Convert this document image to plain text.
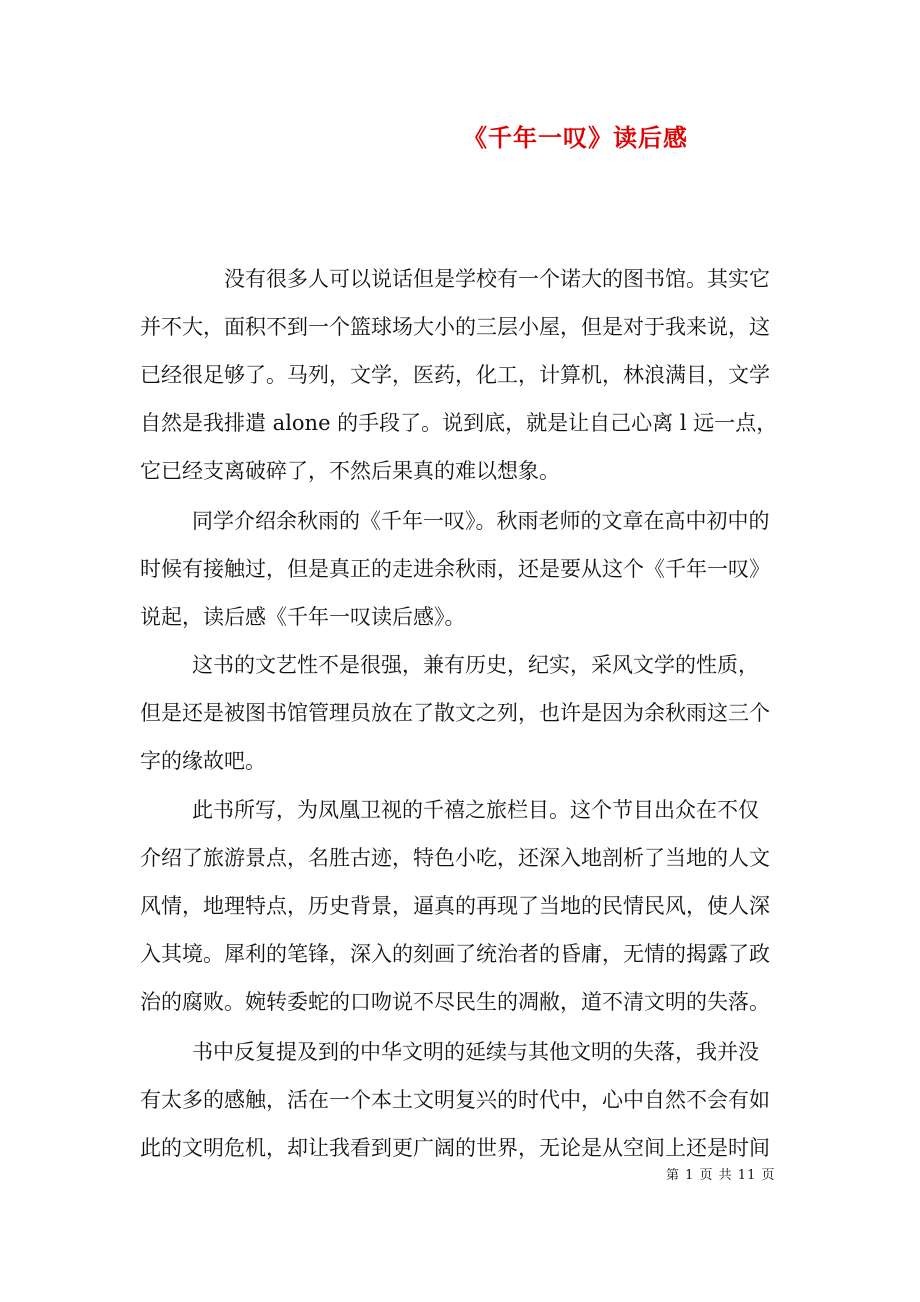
《千年一叹》读后感
没有很多人可以说话但是学校有一个诺大的图书馆。其实它
并不大，面积不到一个篮球场大小的三层小屋，但是对于我来说，这
已经很足够了。马列，文学，医药，化工，计算机，林浪满目，文学
自然是我排遣 alone 的手段了。说到底，就是让自己心离 l 远一点，
它已经支离破碎了，不然后果真的难以想象。
同学介绍余秋雨的《千年一叹》。秋雨老师的文章在高中初中的
时候有接触过，但是真正的走进余秋雨，还是要从这个《千年一叹》
说起，读后感《千年一叹读后感》。
这书的文艺性不是很强，兼有历史，纪实，采风文学的性质，
但是还是被图书馆管理员放在了散文之列，也许是因为余秋雨这三个
字的缘故吧。
此书所写，为凤凰卫视的千禧之旅栏目。这个节目出众在不仅
介绍了旅游景点，名胜古迹，特色小吃，还深入地剖析了当地的人文
风情，地理特点，历史背景，逼真的再现了当地的民情民风，使人深
入其境。犀利的笔锋，深入的刻画了统治者的昏庸，无情的揭露了政
治的腐败。婉转委蛇的口吻说不尽民生的凋敝，道不清文明的失落。
书中反复提及到的中华文明的延续与其他文明的失落，我并没
有太多的感触，活在一个本土文明复兴的时代中，心中自然不会有如
此的文明危机，却让我看到更广阔的世界，无论是从空间上还是时间
第 1 页 共 11 页
